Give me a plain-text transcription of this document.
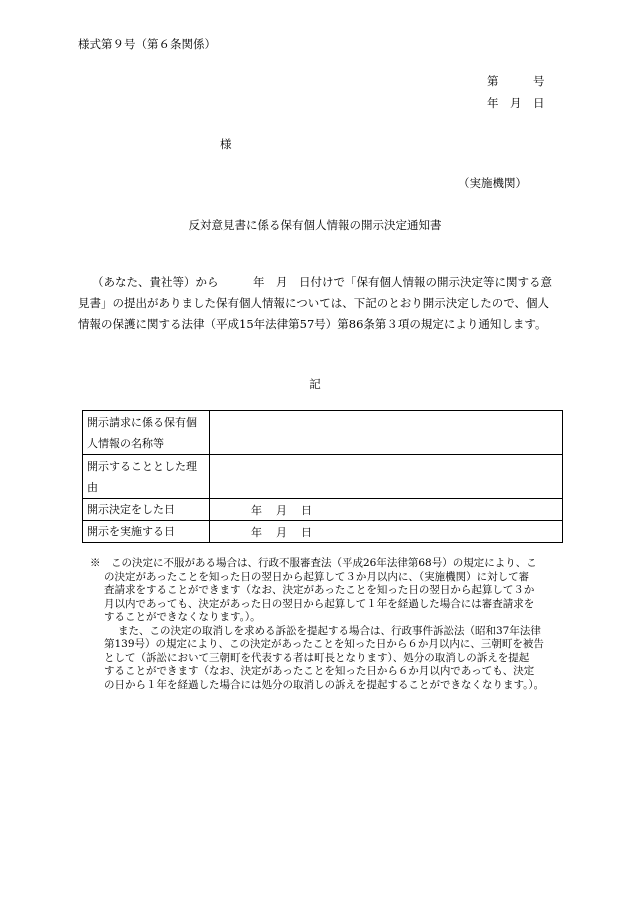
様式第９号（第６条関係）
第　　　号
年　月　日
様
（実施機関）
反対意見書に係る保有個人情報の開示決定通知書
（あなた、貴社等）から　　　年　月　日付けで「保有個人情報の開示決定等に関する意
見書」の提出がありました保有個人情報については、下記のとおり開示決定したので、個人
情報の保護に関する法律（平成15年法律第57号）第86条第３項の規定により通知します。
記
開示請求に係る保有個
人情報の名称等	

開示することとした理
由	

開示決定をした日	年 月 日

開示を実施する日	年 月 日
※　この決定に不服がある場合は、行政不服審査法（平成26年法律第68号）の規定により、こ
の決定があったことを知った日の翌日から起算して３か月以内に、（実施機関）に対して審
査請求をすることができます（なお、決定があったことを知った日の翌日から起算して３か
月以内であっても、決定があった日の翌日から起算して１年を経過した場合には審査請求を
することができなくなります。）。
また、この決定の取消しを求める訴訟を提起する場合は、行政事件訴訟法（昭和37年法律
第139号）の規定により、この決定があったことを知った日から６か月以内に、三朝町を被告
として（訴訟において三朝町を代表する者は町長となります）、処分の取消しの訴えを提起
することができます（なお、決定があったことを知った日から６か月以内であっても、決定
の日から１年を経過した場合には処分の取消しの訴えを提起することができなくなります。）。
